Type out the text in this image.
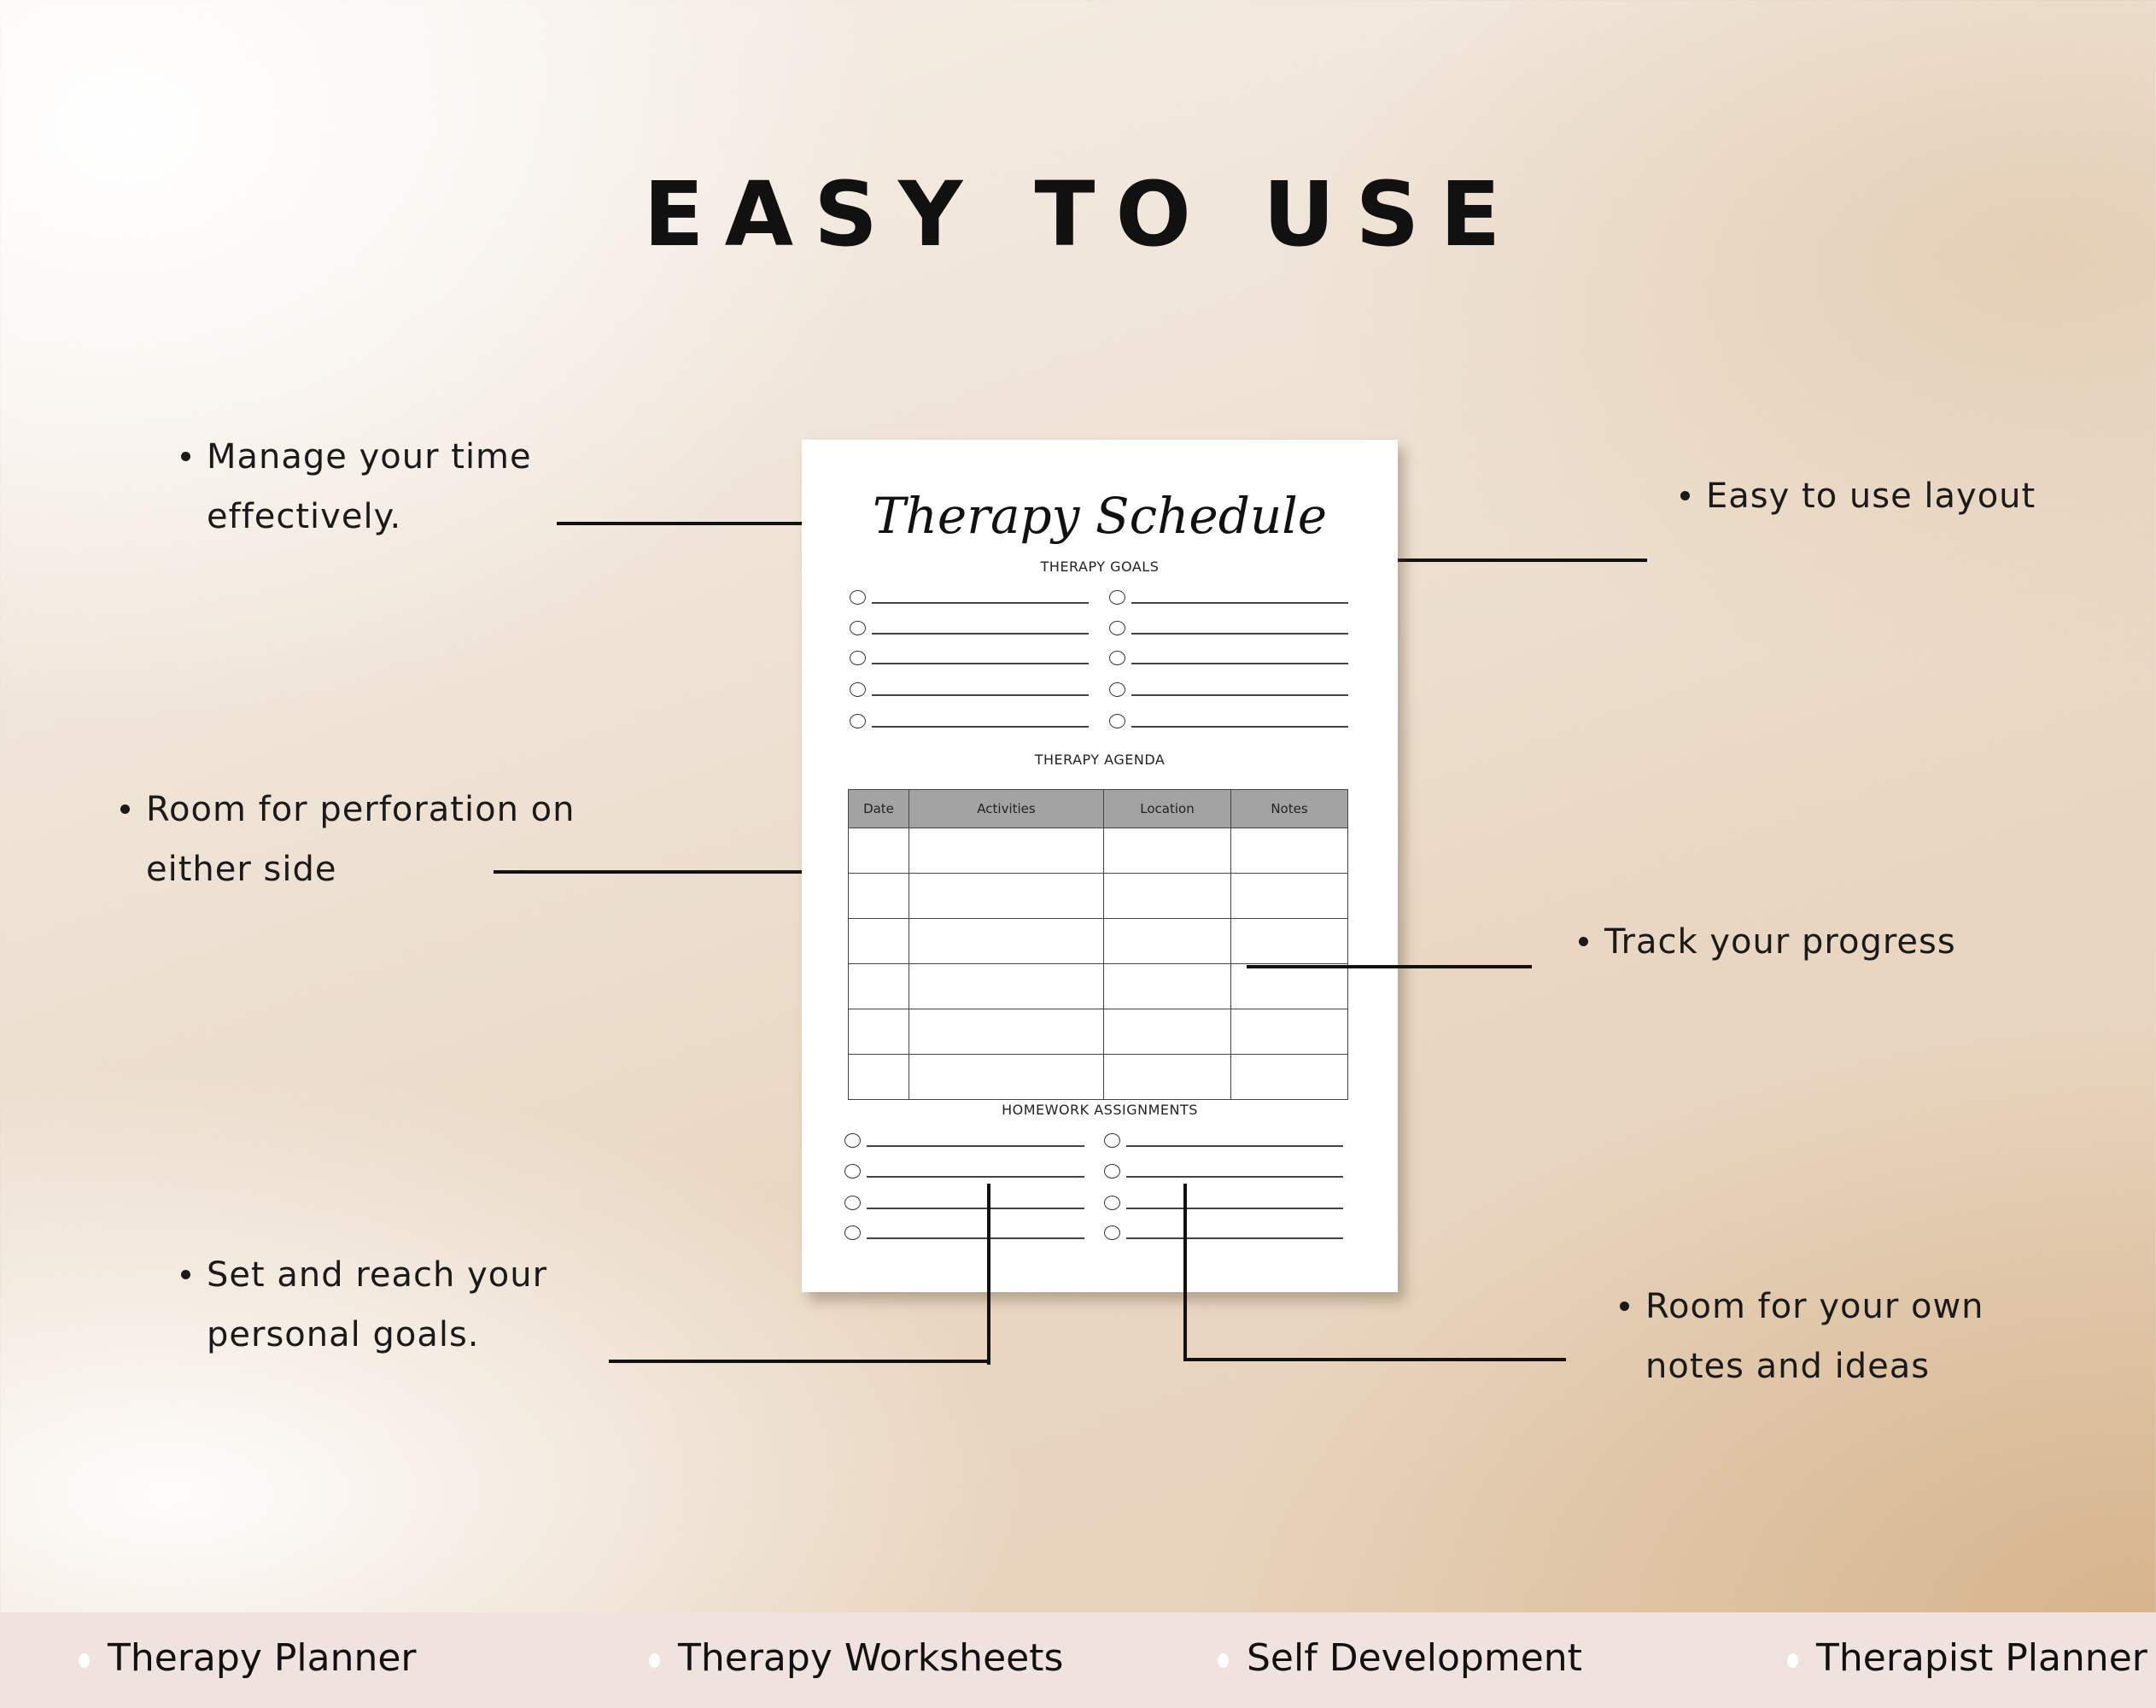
EASY TO USE
Manage your time
effectively.
Easy to use layout
Room for perforation on
either side
Track your progress
Set and reach your
personal goals.
Room for your own
notes and ideas
Therapy Schedule
THERAPY GOALS
THERAPY AGENDA
Date	Activities	Location	Notes

HOMEWORK ASSIGNMENTS
Therapy Planner	Therapy Worksheets	Self Development	Therapist Planner
